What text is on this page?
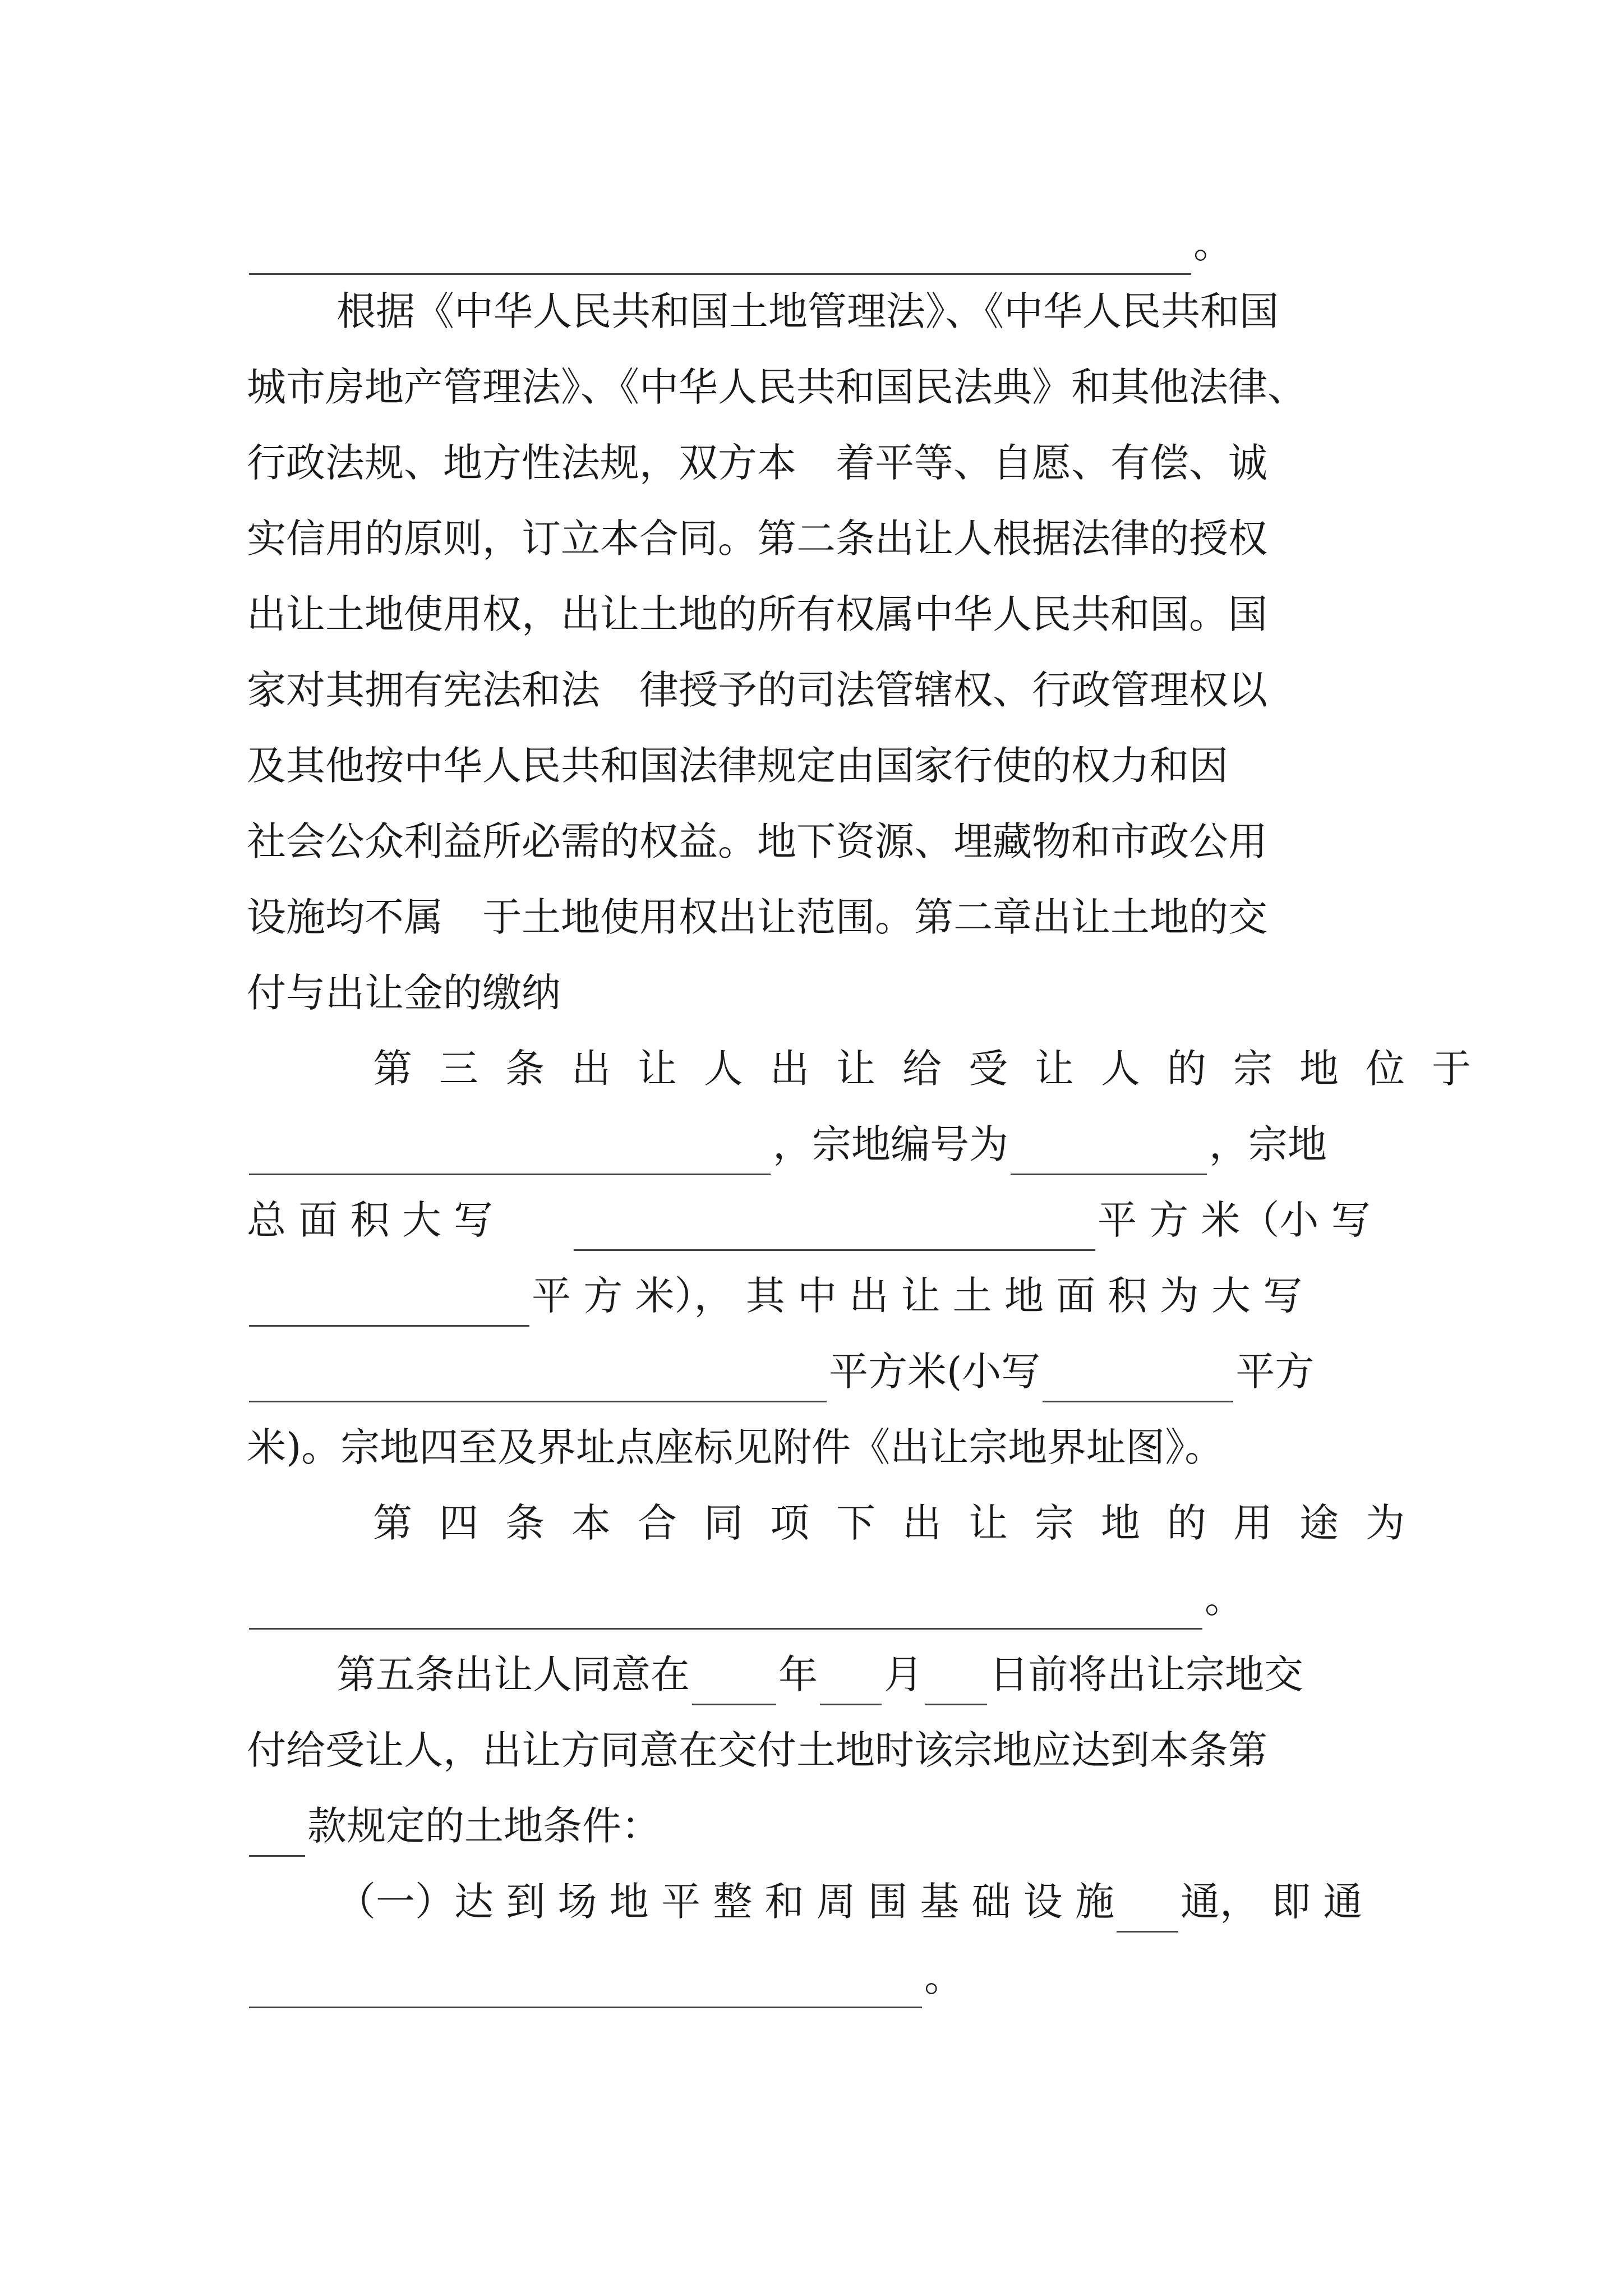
。
根据《中华人民共和国土地管理法》、《中华人民共和国
城市房地产管理法》、《中华人民共和国民法典》和其他法律、
行政法规、地方性法规，双方本　着平等、自愿、有偿、诚
实信用的原则，订立本合同。第二条出让人根据法律的授权
出让土地使用权，出让土地的所有权属中华人民共和国。国
家对其拥有宪法和法　律授予的司法管辖权、行政管理权以
及其他按中华人民共和国法律规定由国家行使的权力和因
社会公众利益所必需的权益。地下资源、埋藏物和市政公用
设施均不属　于土地使用权出让范围。第二章出让土地的交
付与出让金的缴纳
第三条出让人出让给受让人的宗地位于
，宗地编号为	，宗地
总 面 积 大 写　　	平 方 米（小 写
平 方 米）， 其 中 出 让 土 地 面 积 为 大 写
平方米(小写	平方
米)。宗地四至及界址点座标见附件《出让宗地界址图》。
第四条本合同项下出让宗地的用途为
。
第五条出让人同意在 年 月 日前将出让宗地交
付给受让人，出让方同意在交付土地时该宗地应达到本条第
款规定的土地条件：
（一）达 到 场 地 平 整 和 周 围 基 础 设 施 通， 即 通
。
